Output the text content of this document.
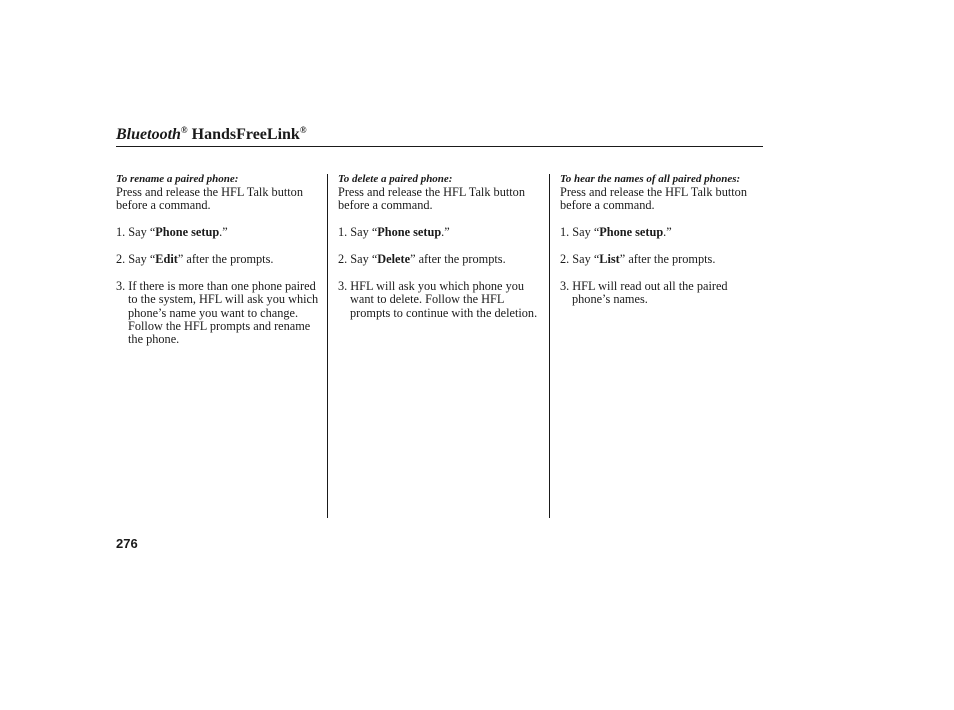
Bluetooth® HandsFreeLink®
To rename a paired phone:
Press and release the HFL Talk button before a command.
1. Say “Phone setup.”
2. Say “Edit” after the prompts.
3. If there is more than one phone paired to the system, HFL will ask you which phone’s name you want to change. Follow the HFL prompts and rename the phone.
To delete a paired phone:
Press and release the HFL Talk button before a command.
1. Say “Phone setup.”
2. Say “Delete” after the prompts.
3. HFL will ask you which phone you want to delete. Follow the HFL prompts to continue with the deletion.
To hear the names of all paired phones:
Press and release the HFL Talk button before a command.
1. Say “Phone setup.”
2. Say “List” after the prompts.
3. HFL will read out all the paired phone’s names.
276
